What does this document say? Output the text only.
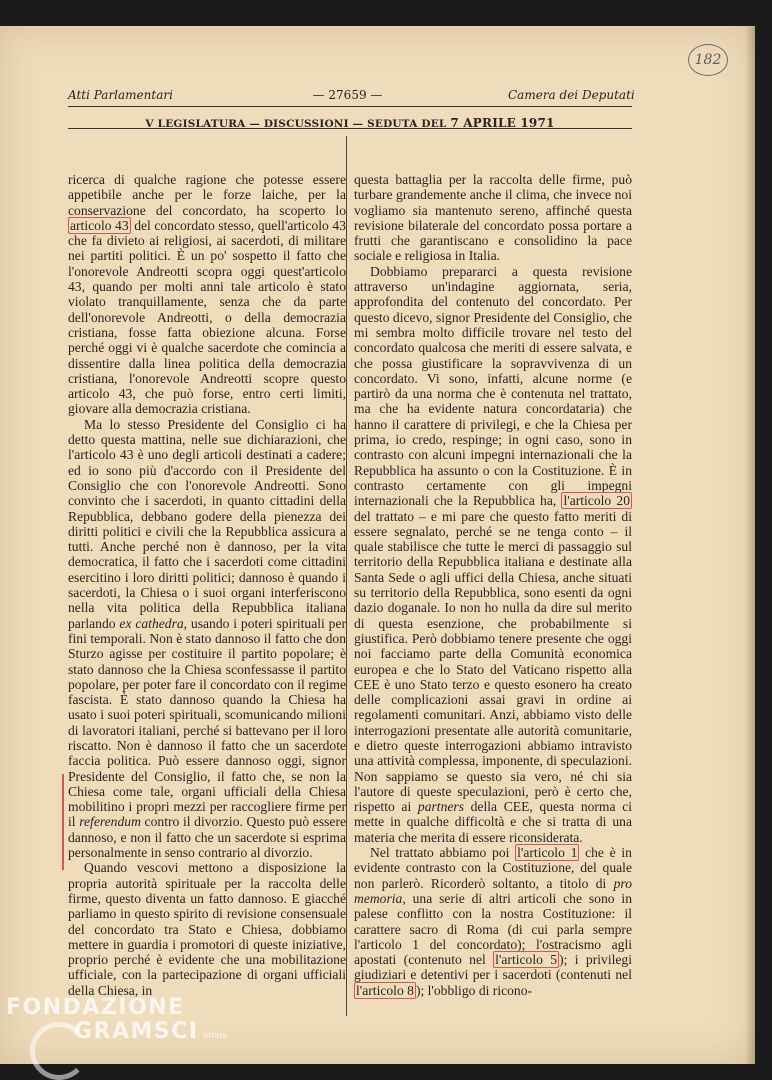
182
Atti Parlamentari	— 27659 —	Camera dei Deputati
V LEGISLATURA — DISCUSSIONI — SEDUTA DEL 7 APRILE 1971

ricerca di qualche ragione che potesse essere appetibile anche per le forze laiche, per la conservazione del concordato, ha scoperto lo articolo 43 del concordato stesso, quell'articolo 43 che fa divieto ai religiosi, ai sacerdoti, di militare nei partiti politici. È un po' sospetto il fatto che l'onorevole Andreotti scopra oggi quest'articolo 43, quando per molti anni tale articolo è stato violato tranquillamente, senza che da parte dell'onorevole Andreotti, o della democrazia cristiana, fosse fatta obiezione alcuna. Forse perché oggi vi è qualche sacerdote che comincia a dissentire dalla linea politica della democrazia cristiana, l'onorevole Andreotti scopre questo articolo 43, che può forse, entro certi limiti, giovare alla democrazia cristiana.

Ma lo stesso Presidente del Consiglio ci ha detto questa mattina, nelle sue dichiarazioni, che l'articolo 43 è uno degli articoli destinati a cadere; ed io sono più d'accordo con il Presidente del Consiglio che con l'onorevole Andreotti. Sono convinto che i sacerdoti, in quanto cittadini della Repubblica, debbano godere della pienezza dei diritti politici e civili che la Repubblica assicura a tutti. Anche perché non è dannoso, per la vita democratica, il fatto che i sacerdoti come cittadini esercitino i loro diritti politici; dannoso è quando i sacerdoti, la Chiesa o i suoi organi interferiscono nella vita politica della Repubblica italiana parlando ex cathedra, usando i poteri spirituali per fini temporali. Non è stato dannoso il fatto che don Sturzo agisse per costituire il partito popolare; è stato dannoso che la Chiesa sconfessasse il partito popolare, per poter fare il concordato con il regime fascista. È stato dannoso quando la Chiesa ha usato i suoi poteri spirituali, scomunicando milioni di lavoratori italiani, perché si battevano per il loro riscatto. Non è dannoso il fatto che un sacerdote faccia politica. Può essere dannoso oggi, signor Presidente del Consiglio, il fatto che, se non la Chiesa come tale, organi ufficiali della Chiesa mobilitino i propri mezzi per raccogliere firme per il referendum contro il divorzio. Questo può essere dannoso, e non il fatto che un sacerdote si esprima personalmente in senso contrario al divorzio.

Quando vescovi mettono a disposizione la propria autorità spirituale per la raccolta delle firme, questo diventa un fatto dannoso. E giacché parliamo in questo spirito di revisione consensuale del concordato tra Stato e Chiesa, dobbiamo mettere in guardia i promotori di queste iniziative, proprio perché è evidente che una mobilitazione ufficiale, con la partecipazione di organi ufficiali della Chiesa, in

questa battaglia per la raccolta delle firme, può turbare grandemente anche il clima, che invece noi vogliamo sia mantenuto sereno, affinché questa revisione bilaterale del concordato possa portare a frutti che garantiscano e consolidino la pace sociale e religiosa in Italia.

Dobbiamo prepararci a questa revisione attraverso un'indagine aggiornata, seria, approfondita del contenuto del concordato. Per questo dicevo, signor Presidente del Consiglio, che mi sembra molto difficile trovare nel testo del concordato qualcosa che meriti di essere salvata, e che possa giustificare la sopravvivenza di un concordato. Vi sono, infatti, alcune norme (e partirò da una norma che è contenuta nel trattato, ma che ha evidente natura concordataria) che hanno il carattere di privilegi, e che la Chiesa per prima, io credo, respinge; in ogni caso, sono in contrasto con alcuni impegni internazionali che la Repubblica ha assunto o con la Costituzione. È in contrasto certamente con gli impegni internazionali che la Repubblica ha, l'articolo 20 del trattato – e mi pare che questo fatto meriti di essere segnalato, perché se ne tenga conto – il quale stabilisce che tutte le merci di passaggio sul territorio della Repubblica italiana e destinate alla Santa Sede o agli uffici della Chiesa, anche situati su territorio della Repubblica, sono esenti da ogni dazio doganale. Io non ho nulla da dire sul merito di questa esenzione, che probabilmente si giustifica. Però dobbiamo tenere presente che oggi noi facciamo parte della Comunità economica europea e che lo Stato del Vaticano rispetto alla CEE è uno Stato terzo e questo esonero ha creato delle complicazioni assai gravi in ordine ai regolamenti comunitari. Anzi, abbiamo visto delle interrogazioni presentate alle autorità comunitarie, e dietro queste interrogazioni abbiamo intravisto una attività complessa, imponente, di speculazioni. Non sappiamo se questo sia vero, né chi sia l'autore di queste speculazioni, però è certo che, rispetto ai partners della CEE, questa norma ci mette in qualche difficoltà e che si tratta di una materia che merita di essere riconsiderata.

Nel trattato abbiamo poi l'articolo 1 che è in evidente contrasto con la Costituzione, del quale non parlerò. Ricorderò soltanto, a titolo di pro memoria, una serie di altri articoli che sono in palese conflitto con la nostra Costituzione: il carattere sacro di Roma (di cui parla sempre l'articolo 1 del concordato); l'ostracismo agli apostati (contenuto nel l'articolo 5 ); i privilegi giudiziari e detentivi per i sacerdoti (contenuti nel l'articolo 8 ); l'obbligo di ricono-

FONDAZIONE
GRAMSCI onlus
